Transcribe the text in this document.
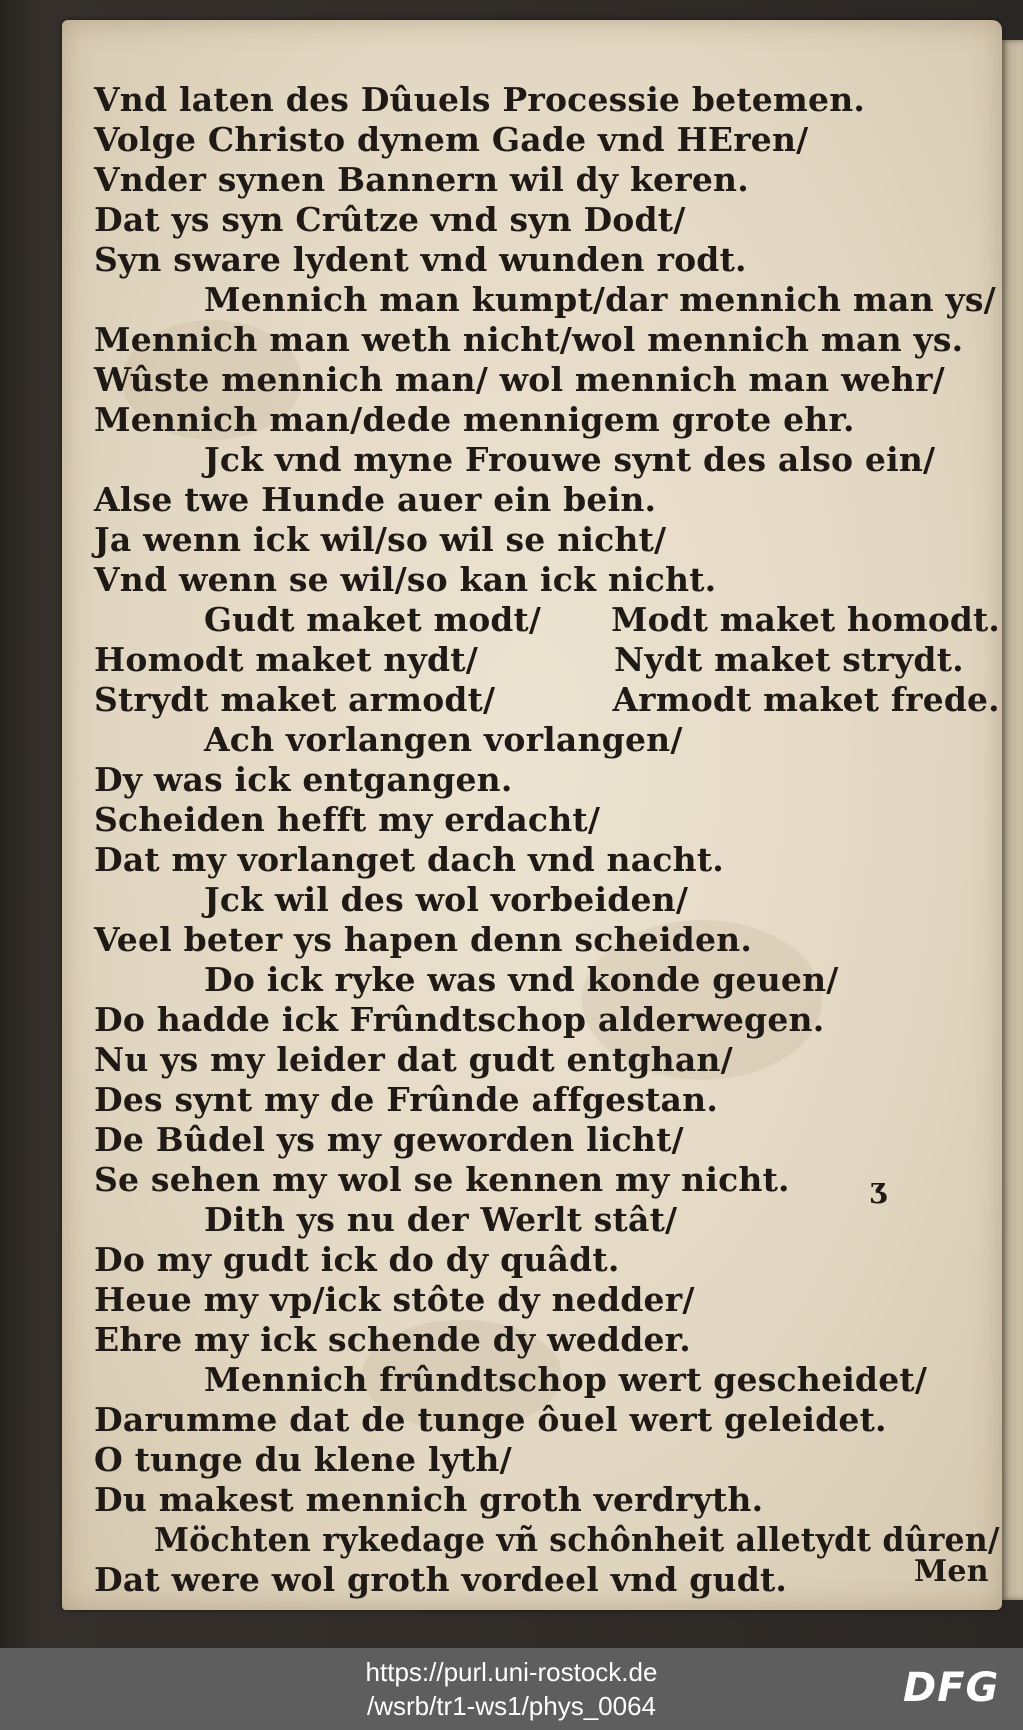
Vnd laten des Dûuels Processie betemen.
Volge Christo dynem Gade vnd HEren/
Vnder synen Bannern wil dy keren.
Dat ys syn Crûtze vnd syn Dodt/
Syn sware lydent vnd wunden rodt.
Mennich man kumpt/dar mennich man ys/
Mennich man weth nicht/wol mennich man ys.
Wûste mennich man/ wol mennich man wehr/
Mennich man/dede mennigem grote ehr.
Jck vnd myne Frouwe synt des also ein/
Alse twe Hunde auer ein bein.
Ja wenn ick wil/so wil se nicht/
Vnd wenn se wil/so kan ick nicht.
Gudt maket modt/ Modt maket homodt.
Homodt maket nydt/	Nydt maket strydt.
Strydt maket armodt/	Armodt maket frede.
Ach vorlangen vorlangen/
Dy was ick entgangen.
Scheiden hefft my erdacht/
Dat my vorlanget dach vnd nacht.
Jck wil des wol vorbeiden/
Veel beter ys hapen denn scheiden.
Do ick ryke was vnd konde geuen/
Do hadde ick Frûndtschop alderwegen.
Nu ys my leider dat gudt entghan/
Des synt my de Frûnde affgestan.
De Bûdel ys my geworden licht/
Se sehen my wol se kennen my nicht.
Dith ys nu der Werlt stât/
Do my gudt ick do dy quâdt.
Heue my vp/ick stôte dy nedder/
Ehre my ick schende dy wedder.
Mennich frûndtschop wert gescheidet/
Darumme dat de tunge ôuel wert geleidet.
O tunge du klene lyth/
Du makest mennich groth verdryth.
Möchten rykedage vñ schônheit alletydt dûren/
Dat were wol groth vordeel vnd gudt.	Men
ʒ
https://purl.uni-rostock.de
/wsrb/tr1-ws1/phys_0064	DFG
